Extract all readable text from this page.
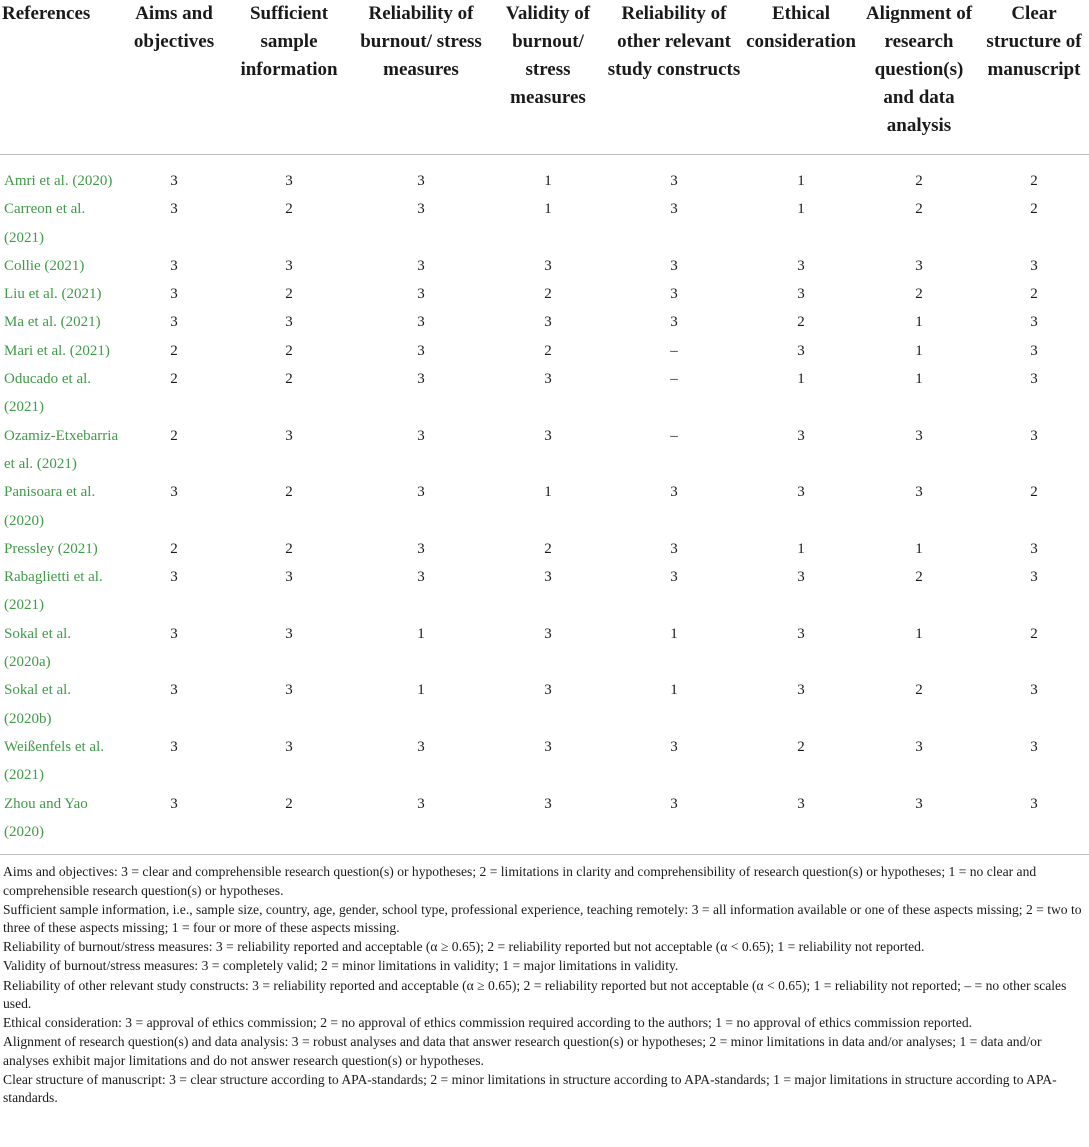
References	Aims and objectives	Sufficient sample information	Reliability of burnout/ stress measures	Validity of burnout/ stress measures	Reliability of other relevant study constructs	Ethical consideration	Alignment of research question(s) and data analysis	Clear structure of manuscript
Amri et al. (2020)	3	3	3	1	3	1	2	2
Carreon et al. (2021)	3	2	3	1	3	1	2	2
Collie (2021)	3	3	3	3	3	3	3	3
Liu et al. (2021)	3	2	3	2	3	3	2	2
Ma et al. (2021)	3	3	3	3	3	2	1	3
Mari et al. (2021)	2	2	3	2	–	3	1	3
Oducado et al. (2021)	2	2	3	3	–	1	1	3
Ozamiz-Etxebarria et al. (2021)	2	3	3	3	–	3	3	3
Panisoara et al. (2020)	3	2	3	1	3	3	3	2
Pressley (2021)	2	2	3	2	3	1	1	3
Rabaglietti et al. (2021)	3	3	3	3	3	3	2	3
Sokal et al. (2020a)	3	3	1	3	1	3	1	2
Sokal et al. (2020b)	3	3	1	3	1	3	2	3
Weißenfels et al. (2021)	3	3	3	3	3	2	3	3
Zhou and Yao (2020)	3	2	3	3	3	3	3	3

Aims and objectives: 3 = clear and comprehensible research question(s) or hypotheses; 2 = limitations in clarity and comprehensibility of research question(s) or hypotheses; 1 = no clear and comprehensible research question(s) or hypotheses.

Sufficient sample information, i.e., sample size, country, age, gender, school type, professional experience, teaching remotely: 3 = all information available or one of these aspects missing; 2 = two to three of these aspects missing; 1 = four or more of these aspects missing.

Reliability of burnout/stress measures: 3 = reliability reported and acceptable (α ≥ 0.65); 2 = reliability reported but not acceptable (α < 0.65); 1 = reliability not reported.

Validity of burnout/stress measures: 3 = completely valid; 2 = minor limitations in validity; 1 = major limitations in validity.

Reliability of other relevant study constructs: 3 = reliability reported and acceptable (α ≥ 0.65); 2 = reliability reported but not acceptable (α < 0.65); 1 = reliability not reported; – = no other scales used.

Ethical consideration: 3 = approval of ethics commission; 2 = no approval of ethics commission required according to the authors; 1 = no approval of ethics commission reported.

Alignment of research question(s) and data analysis: 3 = robust analyses and data that answer research question(s) or hypotheses; 2 = minor limitations in data and/or analyses; 1 = data and/or analyses exhibit major limitations and do not answer research question(s) or hypotheses.

Clear structure of manuscript: 3 = clear structure according to APA-standards; 2 = minor limitations in structure according to APA-standards; 1 = major limitations in structure according to APA-standards.
